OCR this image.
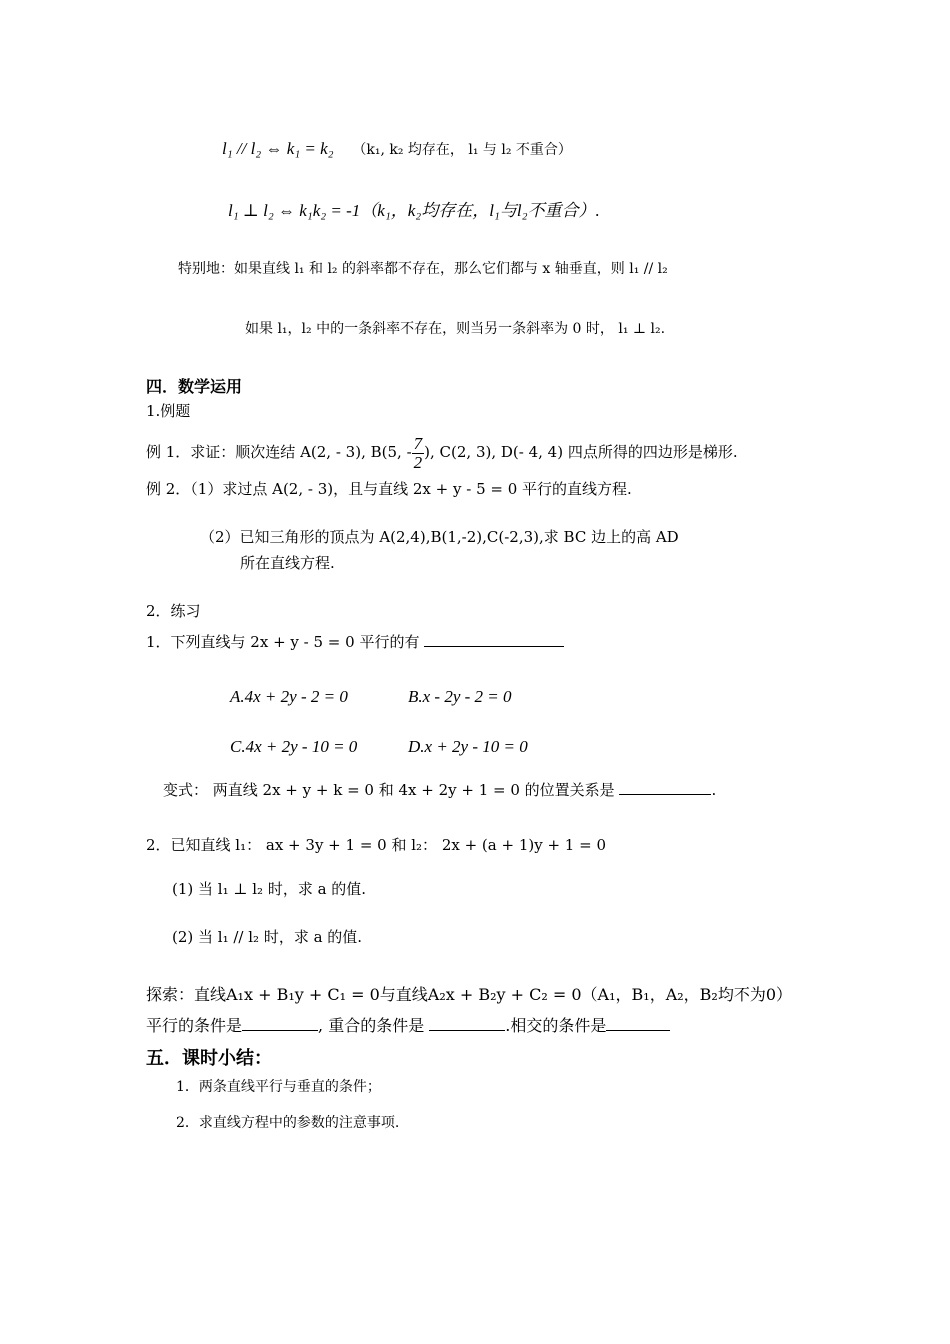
l₁ // l₂ ⇔ k₁ = k₂ （k₁, k₂ 均存在， l₁ 与 l₂ 不重合）
l₁ ⊥ l₂ ⇔ k₁k₂ = -1（k₁，k₂均存在，l₁与l₂不重合）.
特别地：如果直线 l₁ 和 l₂ 的斜率都不存在，那么它们都与 x 轴垂直，则 l₁ // l₂
如果 l₁，l₂ 中的一条斜率不存在，则当另一条斜率为 0 时， l₁ ⊥ l₂.
四．数学运用
1.例题
例 1．求证：顺次连结 A(2, - 3), B(5, - $\frac{7}{2}$ ), C(2, 3), D(- 4, 4) 四点所得的四边形是梯形.
例 2．（1）求过点 A(2, - 3)，且与直线 2x + y - 5 = 0 平行的直线方程.
（2）已知三角形的顶点为 A(2,4),B(1,-2),C(-2,3),求 BC 边上的高 AD
所在直线方程.
2．练习
1．下列直线与 2x + y - 5 = 0 平行的有
A.4x + 2y - 2 = 0	B.x - 2y - 2 = 0
C.4x + 2y - 10 = 0	D.x + 2y - 10 = 0
变式： 两直线 2x + y + k = 0 和 4x + 2y + 1 = 0 的位置关系是	.
2．已知直线 l₁： ax + 3y + 1 = 0 和 l₂： 2x + (a + 1)y + 1 = 0
(1) 当 l₁ ⊥ l₂ 时，求 a 的值.
(2) 当 l₁ // l₂ 时，求 a 的值.
探索：直线A₁x + B₁y + C₁ = 0与直线A₂x + B₂y + C₂ = 0（A₁，B₁，A₂，B₂均不为0）
平行的条件是	, 重合的条件是	.相交的条件是
五．课时小结：
1．两条直线平行与垂直的条件；
2．求直线方程中的参数的注意事项.
